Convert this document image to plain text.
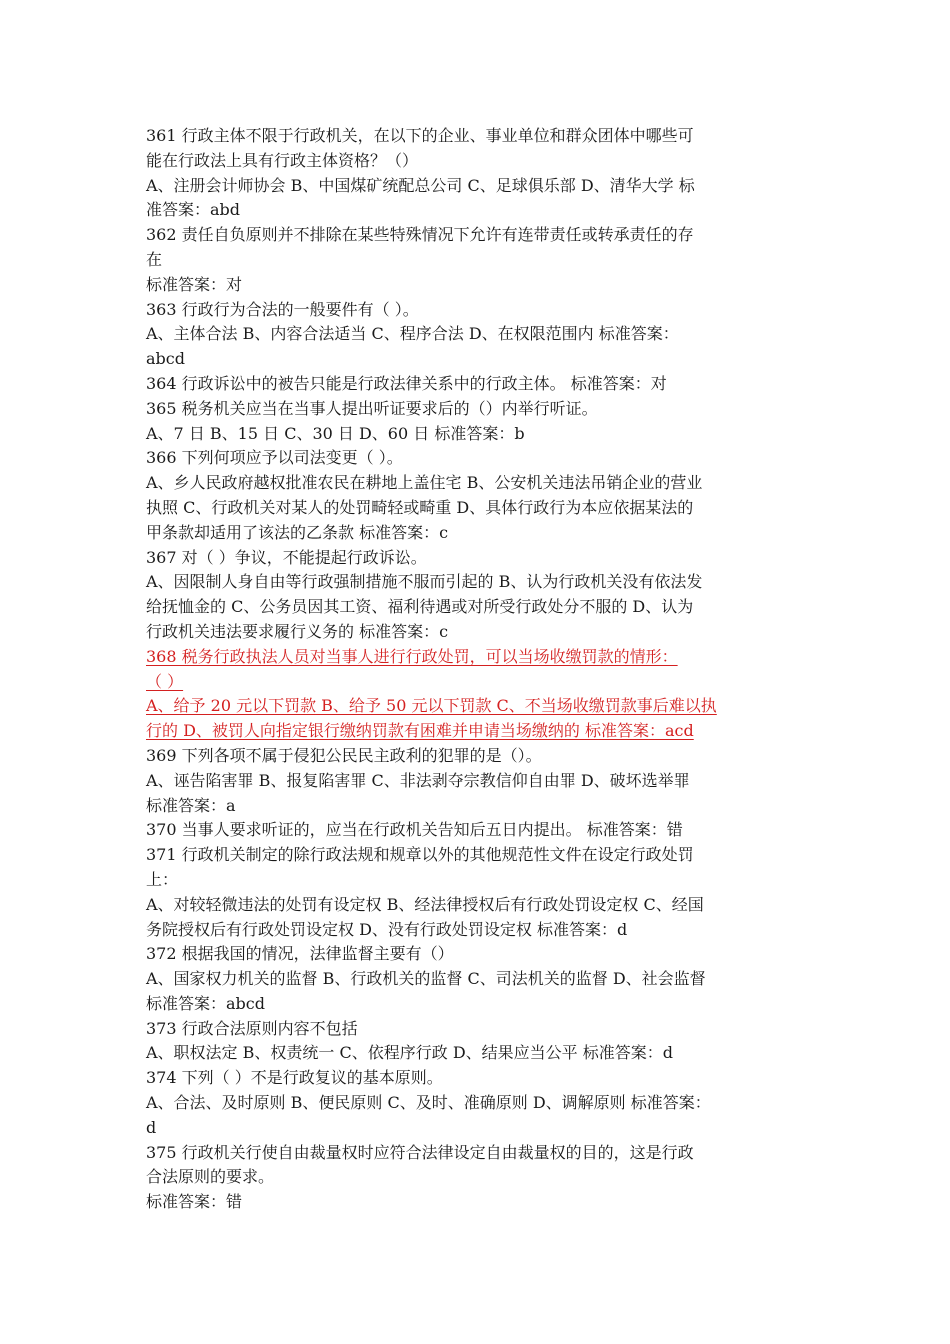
361 行政主体不限于行政机关，在以下的企业、事业单位和群众团体中哪些可
能在行政法上具有行政主体资格？（）
A、注册会计师协会 B、中国煤矿统配总公司 C、足球俱乐部 D、清华大学 标
准答案：abd
362 责任自负原则并不排除在某些特殊情况下允许有连带责任或转承责任的存
在
标准答案：对
363 行政行为合法的一般要件有（ ）。
A、主体合法 B、内容合法适当 C、程序合法 D、在权限范围内 标准答案：
abcd
364 行政诉讼中的被告只能是行政法律关系中的行政主体。 标准答案：对
365 税务机关应当在当事人提出听证要求后的（）内举行听证。
A、7 日 B、15 日 C、30 日 D、60 日 标准答案：b
366 下列何项应予以司法变更（ ）。
A、乡人民政府越权批准农民在耕地上盖住宅 B、公安机关违法吊销企业的营业
执照 C、行政机关对某人的处罚畸轻或畸重 D、具体行政行为本应依据某法的
甲条款却适用了该法的乙条款 标准答案：c
367 对（ ）争议，不能提起行政诉讼。
A、因限制人身自由等行政强制措施不服而引起的 B、认为行政机关没有依法发
给抚恤金的 C、公务员因其工资、福利待遇或对所受行政处分不服的 D、认为
行政机关违法要求履行义务的 标准答案：c
368 税务行政执法人员对当事人进行行政处罚，可以当场收缴罚款的情形：
（ ）
A、给予 20 元以下罚款 B、给予 50 元以下罚款 C、不当场收缴罚款事后难以执
行的 D、被罚人向指定银行缴纳罚款有困难并申请当场缴纳的 标准答案：acd
369 下列各项不属于侵犯公民民主政利的犯罪的是（）。
A、诬告陷害罪 B、报复陷害罪 C、非法剥夺宗教信仰自由罪 D、破坏选举罪
标准答案：a
370 当事人要求听证的，应当在行政机关告知后五日内提出。 标准答案：错
371 行政机关制定的除行政法规和规章以外的其他规范性文件在设定行政处罚
上：
A、对较轻微违法的处罚有设定权 B、经法律授权后有行政处罚设定权 C、经国
务院授权后有行政处罚设定权 D、没有行政处罚设定权 标准答案：d
372 根据我国的情况，法律监督主要有（）
A、国家权力机关的监督 B、行政机关的监督 C、司法机关的监督 D、社会监督
标准答案：abcd
373 行政合法原则内容不包括
A、职权法定 B、权责统一 C、依程序行政 D、结果应当公平 标准答案：d
374 下列（ ）不是行政复议的基本原则。
A、合法、及时原则 B、便民原则 C、及时、准确原则 D、调解原则 标准答案：
d
375 行政机关行使自由裁量权时应符合法律设定自由裁量权的目的，这是行政
合法原则的要求。
标准答案：错
